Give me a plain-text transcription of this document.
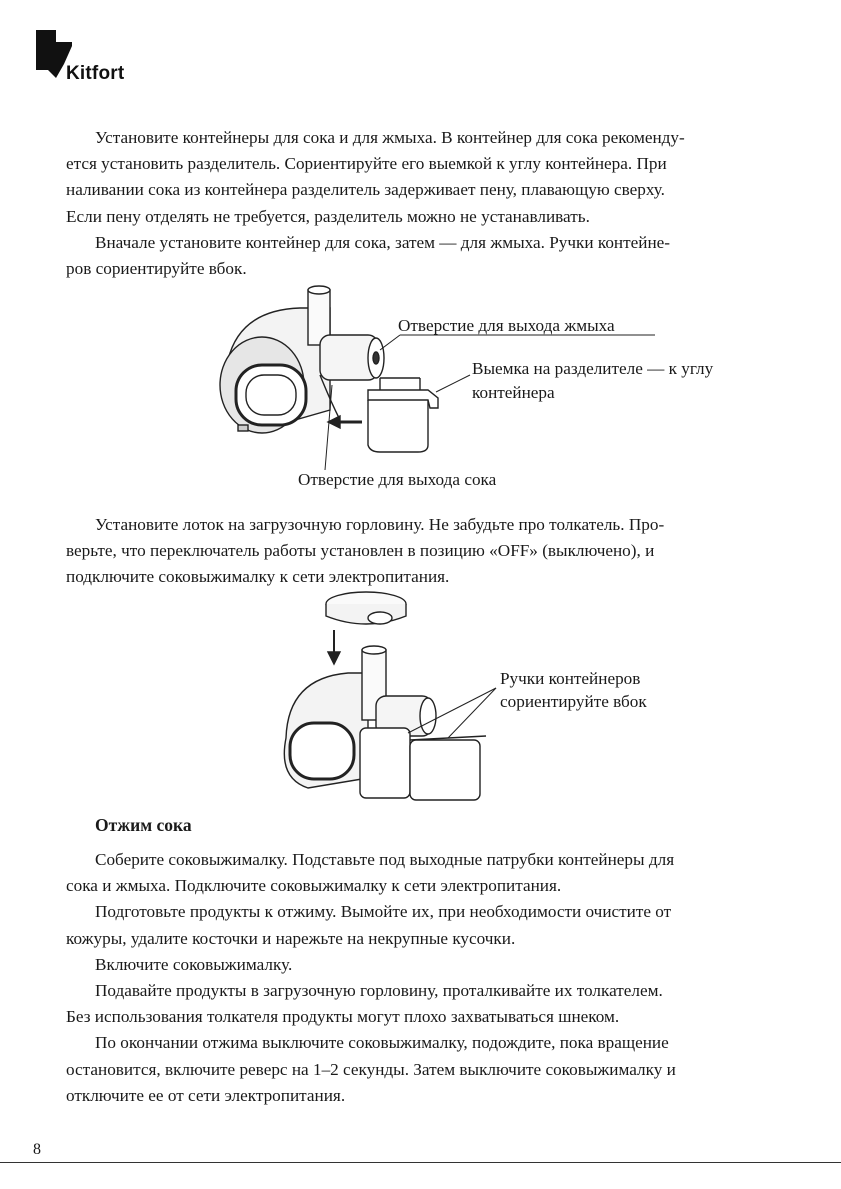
Kitfort
Установите контейнеры для сока и для жмыха. В контейнер для сока рекоменду-
ется установить разделитель. Сориентируйте его выемкой к углу контейнера. При
наливании сока из контейнера разделитель задерживает пену, плавающую сверху.
Если пену отделять не требуется, разделитель можно не устанавливать.
Вначале установите контейнер для сока, затем — для жмыха. Ручки контейне-
ров сориентируйте вбок.
Отверстие для выхода жмыха
Выемка на разделителе — к углу
контейнера
Отверстие для выхода сока
Установите лоток на загрузочную горловину. Не забудьте про толкатель. Про-
верьте, что переключатель работы установлен в позицию «OFF» (выключено), и
подключите соковыжималку к сети электропитания.
Ручки контейнеров
сориентируйте вбок
Отжим сока
Соберите соковыжималку. Подставьте под выходные патрубки контейнеры для
сока и жмыха. Подключите соковыжималку к сети электропитания.
Подготовьте продукты к отжиму. Вымойте их, при необходимости очистите от
кожуры, удалите косточки и нарежьте на некрупные кусочки.
Включите соковыжималку.
Подавайте продукты в загрузочную горловину, проталкивайте их толкателем.
Без использования толкателя продукты могут плохо захватываться шнеком.
По окончании отжима выключите соковыжималку, подождите, пока вращение
остановится, включите реверс на 1–2 секунды. Затем выключите соковыжималку и
отключите ее от сети электропитания.
8
